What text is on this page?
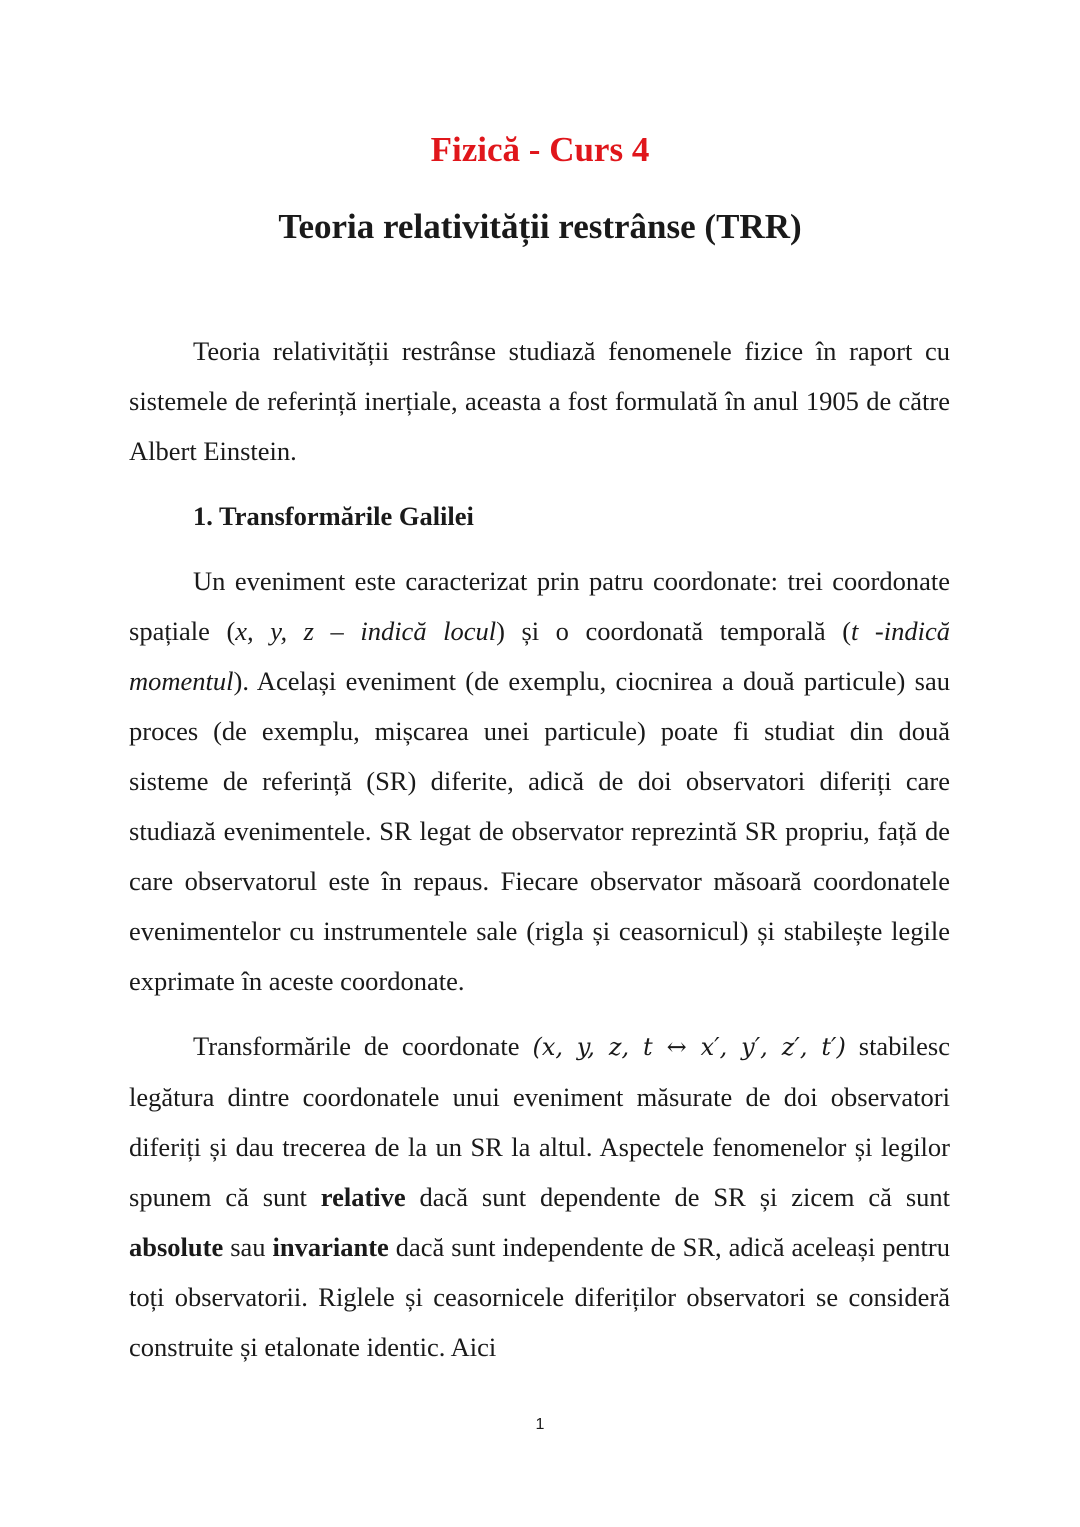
Fizică - Curs 4
Teoria relativității restrânse (TRR)

Teoria relativității restrânse studiază fenomenele fizice în raport cu sistemele de referință inerțiale, aceasta a fost formulată în anul 1905 de către Albert Einstein.

1. Transformările Galilei

Un eveniment este caracterizat prin patru coordonate: trei coordonate spațiale (x, y, z – indică locul) și o coordonată temporală (t -indică momentul). Același eveniment (de exemplu, ciocnirea a două particule) sau proces (de exemplu, mișcarea unei particule) poate fi studiat din două sisteme de referință (SR) diferite, adică de doi observatori diferiți care studiază evenimentele. SR legat de observator reprezintă SR propriu, față de care observatorul este în repaus. Fiecare observator măsoară coordonatele evenimentelor cu instrumentele sale (rigla și ceasornicul) și stabilește legile exprimate în aceste coordonate.

Transformările de coordonate (x, y, z, t ↔ x′, y′, z′, t′) stabilesc legătura dintre coordonatele unui eveniment măsurate de doi observatori diferiți și dau trecerea de la un SR la altul. Aspectele fenomenelor și legilor spunem că sunt relative dacă sunt dependente de SR și zicem că sunt absolute sau invariante dacă sunt independente de SR, adică aceleași pentru toți observatorii. Riglele și ceasornicele diferiților observatori se consideră construite și etalonate identic. Aici

1
